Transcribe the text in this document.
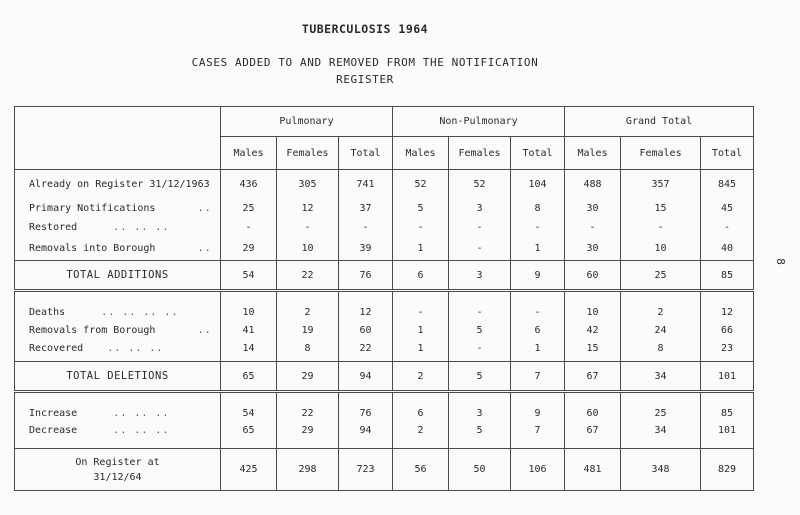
TUBERCULOSIS 1964
CASES ADDED TO AND REMOVED FROM THE NOTIFICATION
REGISTER
8
	Pulmonary			Non-Pulmonary			Grand Total		
	Males	Females	Total	Males	Females	Total	Males	Females	Total
Already on Register 31/12/1963	436	305	741	52	52	104	488	357	845
Primary Notifications ..	25	12	37	5	3	8	30	15	45
Restored .. .. ..	-	-	-	-	-	-	-	-	-
Removals into Borough ..	29	10	39	1	-	1	30	10	40
TOTAL ADDITIONS	54	22	76	6	3	9	60	25	85
Deaths .. .. .. ..	10	2	12	-	-	-	10	2	12
Removals from Borough ..	41	19	60	1	5	6	42	24	66
Recovered .. .. ..	14	8	22	1	-	1	15	8	23
TOTAL DELETIONS	65	29	94	2	5	7	67	34	101
Increase .. .. ..	54	22	76	6	3	9	60	25	85
Decrease .. .. ..	65	29	94	2	5	7	67	34	101

On Register at
31/12/64	425	298	723	56	50	106	481	348	829
